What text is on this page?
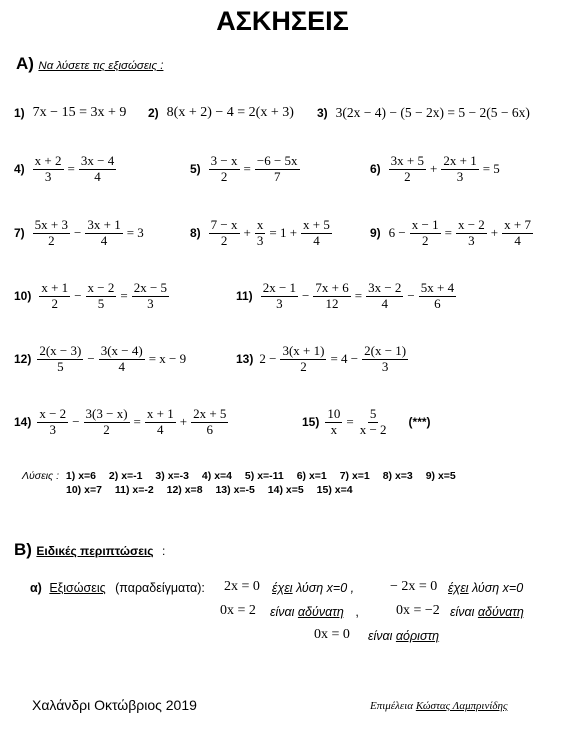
ΑΣΚΗΣΕΙΣ
Α) Να λύσετε τις εξισώσεις :
1) 7x − 15 = 3x + 9 2) 8(x + 2) − 4 = 2(x + 3) 3) 3(2x − 4) − (5 − 2x) = 5 − 2(5 − 6x)
$4) \frac{x + 2}{3} = \frac{3x - 4}{4}$	$5) \frac{3 - x}{2} = \frac{-6 - 5x}{7}$	$6) \frac{3x + 5}{2} + \frac{2x + 1}{3} = 5$
$7) \frac{5x + 3}{2} - \frac{3x + 1}{4} = 3$	$8) \frac{7 - x}{2} + \frac{x}{3} = 1 + \frac{x + 5}{4}$	9) $6 - \frac{x - 1}{2} = \frac{x - 2}{3} + \frac{x + 7}{4}$
$10) \frac{x + 1}{2} - \frac{x - 2}{5} = \frac{2x - 5}{3}$	$11) \frac{2x - 1}{3} - \frac{7x + 6}{12} = \frac{3x - 2}{4} - \frac{5x + 4}{6}$
$12) \frac{2(x - 3)}{5} - \frac{3(x - 4)}{4} = x - 9$	13) $2 - \frac{3(x + 1)}{2} = 4 - \frac{2(x - 1)}{3}$
$14) \frac{x - 2}{3} - \frac{3(3 - x)}{2} = \frac{x + 1}{4} + \frac{2x + 5}{6}$	$15) \frac{10}{x} = \frac{5}{x - 2}$ (***)
Λύσεις : 1) x=6 2) x=-1 3) x=-3 4) x=4 5) x=-11 6) x=1 7) x=1 8) x=3 9) x=5
10) x=7 11) x=-2 12) x=8 13) x=-5 14) x=5 15) x=4
Β) Ειδικές περιπτώσεις :
α) Εξισώσεις (παραδείγματα): 2x = 0 έχει λύση x=0 ,	− 2x = 0 έχει λύση x=0
0x = 2 είναι αδύνατη ,	0x = −2 είναι αδύνατη
0x = 0 είναι αόριστη
Χαλάνδρι Οκτώβριος 2019	Επιμέλεια Κώστας Λαμπρινίδης
